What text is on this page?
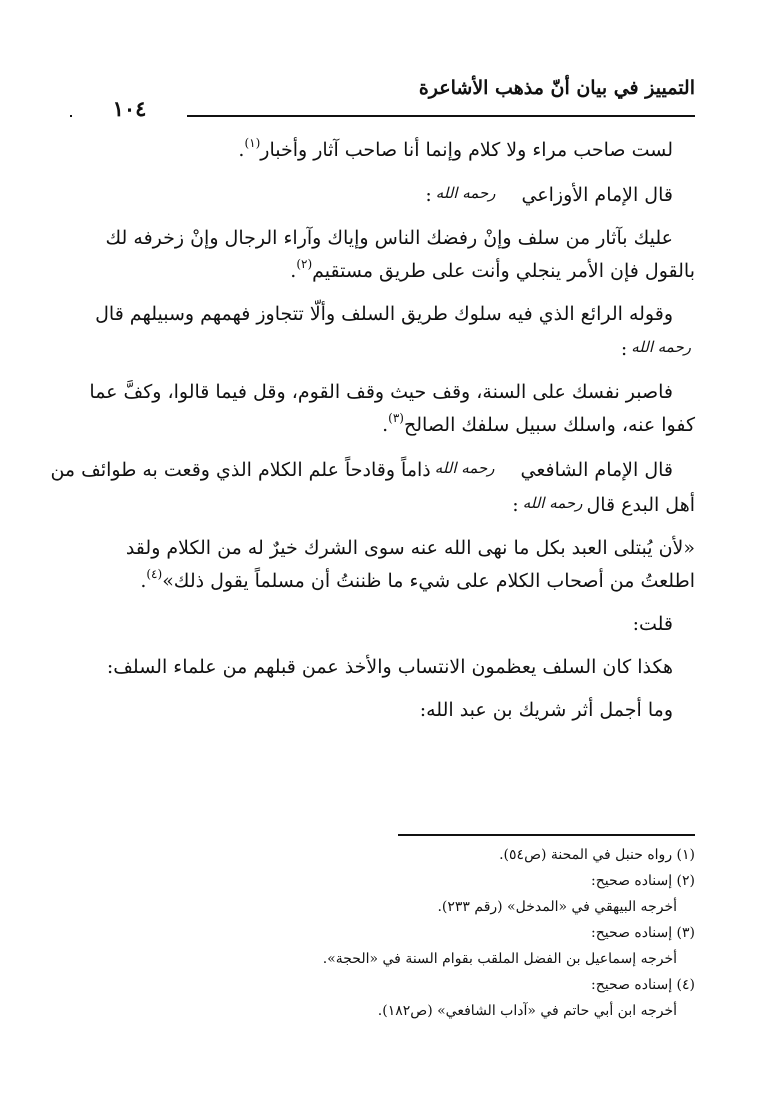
التمييز في بيان أنّ مذهب الأشاعرة
١٠٤

لست صاحب مراء ولا كلام وإنما أنا صاحب آثار وأخبار$^{(١)}$.

قال الإمام الأوزاعيرحمه الله:

عليك بآثار من سلف وإنْ رفضك الناس وإياك وآراء الرجال وإنْ زخرفه لك
بالقول فإن الأمر ينجلي وأنت على طريق مستقيم$^{(٢)}$.

وقوله الرائع الذي فيه سلوك طريق السلف وألّا تتجاوز فهمهم وسبيلهم قال
رحمه الله:

فاصبر نفسك على السنة، وقف حيث وقف القوم، وقل فيما قالوا، وكفَّ عما
كفوا عنه، واسلك سبيل سلفك الصالح$^{(٣)}$.

قال الإمام الشافعيرحمه اللهذاماً وقادحاً علم الكلام الذي وقعت به طوائف من
أهل البدع قالرحمه الله:

«لأن يُبتلى العبد بكل ما نهى الله عنه سوى الشرك خيرٌ له من الكلام ولقد
اطلعتُ من أصحاب الكلام على شيء ما ظننتُ أن مسلماً يقول ذلك»$^{(٤)}$.

قلت:

هكذا كان السلف يعظمون الانتساب والأخذ عمن قبلهم من علماء السلف:

وما أجمل أثر شريك بن عبد الله:

(١) رواه حنبل في المحنة (ص٥٤).
(٢) إسناده صحيح:
أخرجه البيهقي في «المدخل» (رقم ٢٣٣).
(٣) إسناده صحيح:
أخرجه إسماعيل بن الفضل الملقب بقوام السنة في «الحجة».
(٤) إسناده صحيح:
أخرجه ابن أبي حاتم في «آداب الشافعي» (ص١٨٢).
